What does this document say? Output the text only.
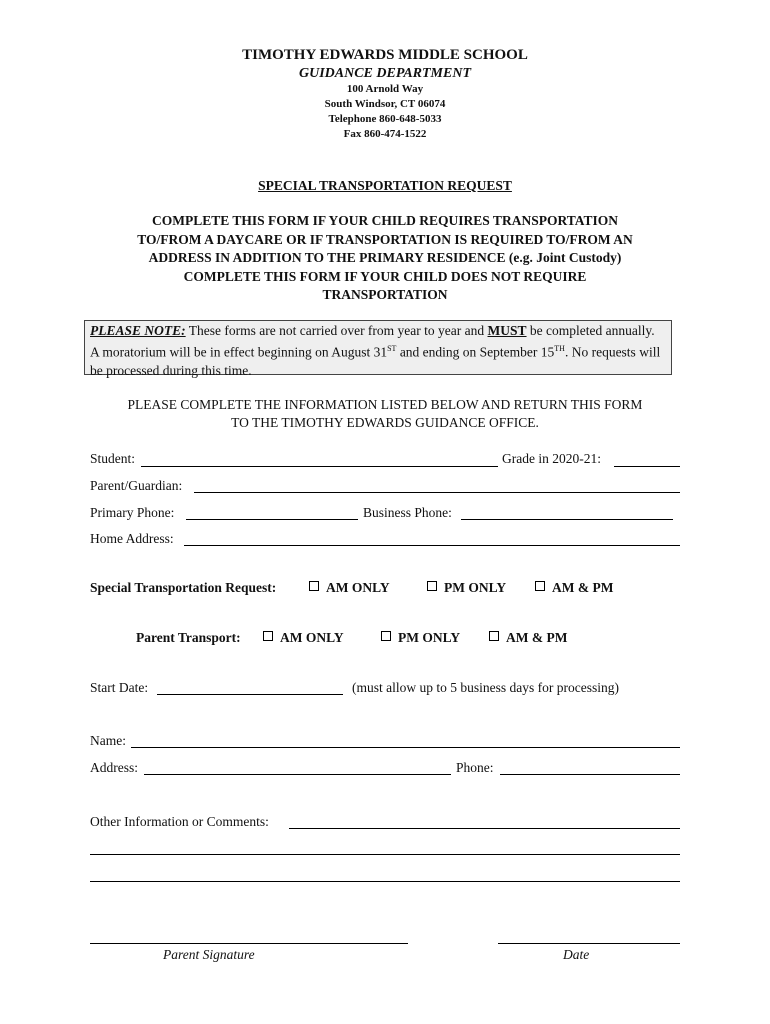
TIMOTHY EDWARDS MIDDLE SCHOOL
GUIDANCE DEPARTMENT
100 Arnold Way
South Windsor, CT 06074
Telephone 860-648-5033
Fax 860-474-1522
SPECIAL TRANSPORTATION REQUEST
COMPLETE THIS FORM IF YOUR CHILD REQUIRES TRANSPORTATION
TO/FROM A DAYCARE OR IF TRANSPORTATION IS REQUIRED TO/FROM AN
ADDRESS IN ADDITION TO THE PRIMARY RESIDENCE (e.g. Joint Custody)
COMPLETE THIS FORM IF YOUR CHILD DOES NOT REQUIRE
TRANSPORTATION
PLEASE NOTE: These forms are not carried over from year to year and MUST be completed annually. A moratorium will be in effect beginning on August 31ST and ending on September 15TH. No requests will be processed during this time.
PLEASE COMPLETE THE INFORMATION LISTED BELOW AND RETURN THIS FORM
TO THE TIMOTHY EDWARDS GUIDANCE OFFICE.
Student:	Grade in 2020-21:
Parent/Guardian:
Primary Phone:	Business Phone:
Home Address:
Special Transportation Request:	AM ONLY	PM ONLY	AM & PM
Parent Transport:	AM ONLY	PM ONLY	AM & PM
Start Date:	(must allow up to 5 business days for processing)
Name:
Address:	Phone:
Other Information or Comments:
Parent Signature	Date
